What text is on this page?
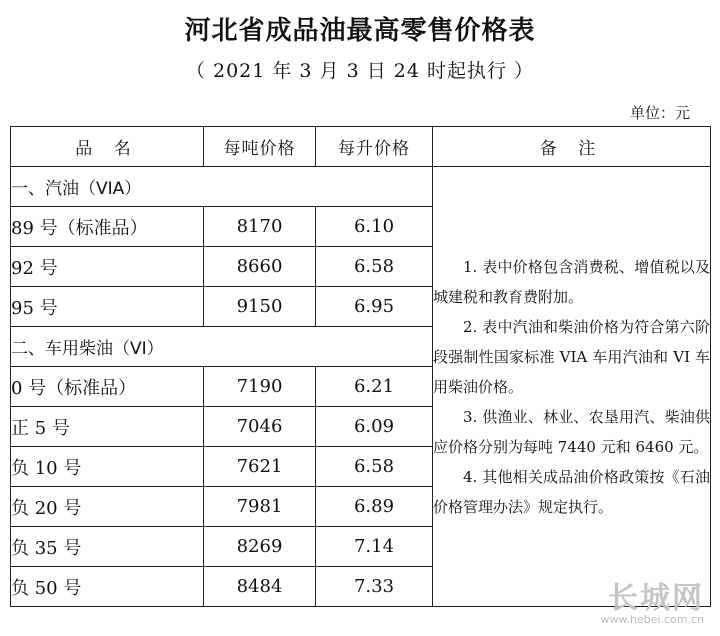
河北省成品油最高零售价格表
（ 2021 年 3 月 3 日 24 时起执行 ）
单位：元
品 名	每吨价格	每升价格	备 注
一、汽油（VIA）			1. 表中价格包含消费税、增值税以及城建税和教育费附加。

2. 表中汽油和柴油价格为符合第六阶段强制性国家标准 VIA 车用汽油和 VI 车用柴油价格。

3. 供渔业、林业、农垦用汽、柴油供应价格分别为每吨 7440 元和 6460 元。

4. 其他相关成品油价格政策按《石油价格管理办法》规定执行。

89 号（标准品）	8170	6.10	
92 号	8660	6.58	
95 号	9150	6.95	
二、车用柴油（VI）			
0 号（标准品）	7190	6.21	
正 5 号	7046	6.09	
负 10 号	7621	6.58	
负 20 号	7981	6.89	
负 35 号	8269	7.14	
负 50 号	8484	7.33		长城网
www.hebei.com.cn
